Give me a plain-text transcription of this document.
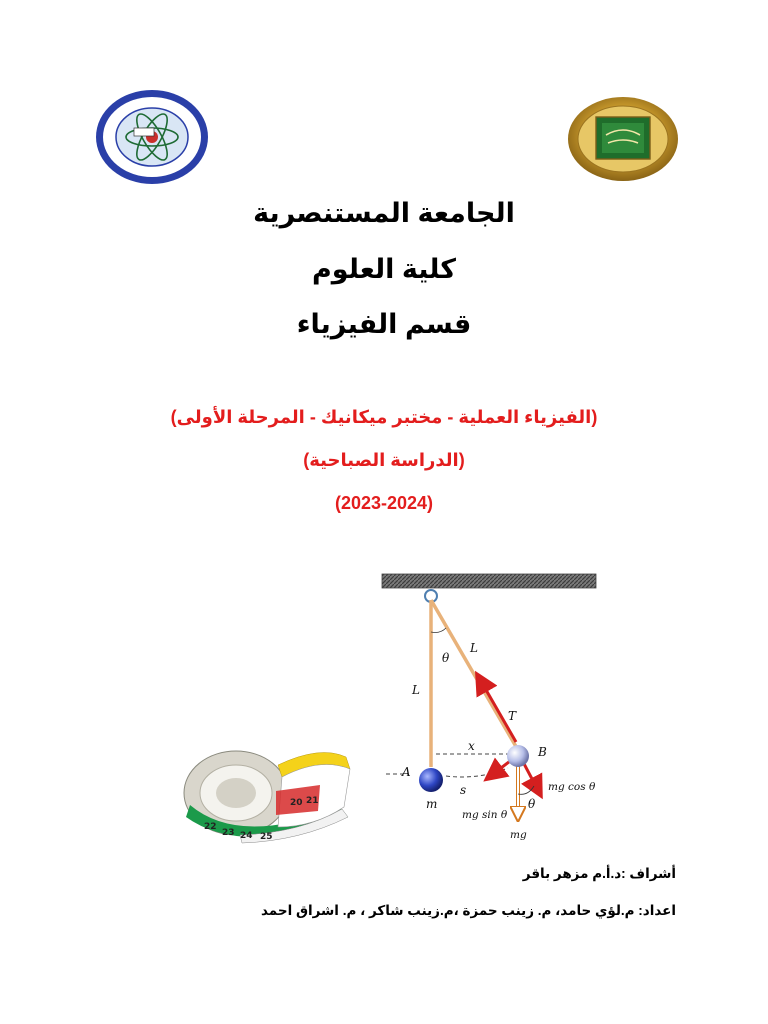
الجامعة المستنصرية
كلية العلوم
قسم الفيزياء
(الفيزياء العملية - مختبر ميكانيك - المرحلة الأولى)
(الدراسة الصباحية)
(2023-2024)
20 21
22
23 24 25
L
L
θ
T
x
A
B
m
s
mg sin θ
mg cos θ
θ
mg
أشراف :د.أ.م مزهر باقر
اعداد: م.لؤي حامد، م. زينب حمزة ،م.زينب شاكر ، م. اشراق احمد
